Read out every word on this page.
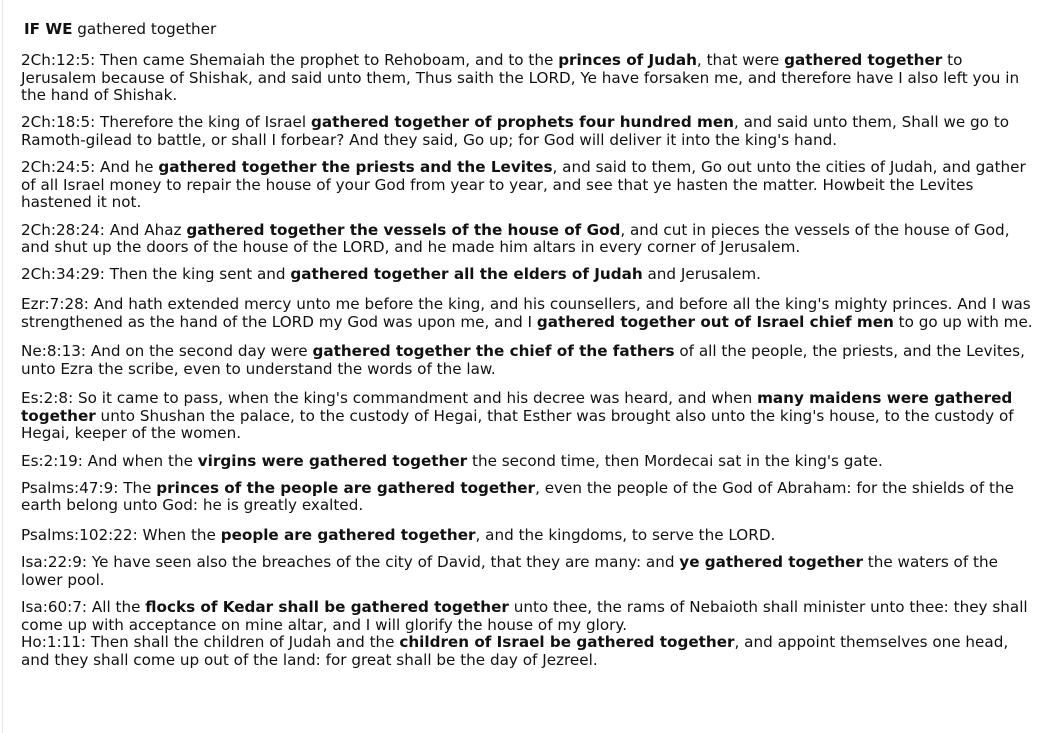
IF WE gathered together

2Ch:12:5: Then came Shemaiah the prophet to Rehoboam, and to the princes of Judah, that were gathered together to Jerusalem because of Shishak, and said unto them, Thus saith the LORD, Ye have forsaken me, and therefore have I also left you in the hand of Shishak.

2Ch:18:5: Therefore the king of Israel gathered together of prophets four hundred men, and said unto them, Shall we go to Ramoth-gilead to battle, or shall I forbear? And they said, Go up; for God will deliver it into the king's hand.

2Ch:24:5: And he gathered together the priests and the Levites, and said to them, Go out unto the cities of Judah, and gather of all Israel money to repair the house of your God from year to year, and see that ye hasten the matter. Howbeit the Levites hastened it not.

2Ch:28:24: And Ahaz gathered together the vessels of the house of God, and cut in pieces the vessels of the house of God, and shut up the doors of the house of the LORD, and he made him altars in every corner of Jerusalem.

2Ch:34:29: Then the king sent and gathered together all the elders of Judah and Jerusalem.

Ezr:7:28: And hath extended mercy unto me before the king, and his counsellers, and before all the king's mighty princes. And I was strengthened as the hand of the LORD my God was upon me, and I gathered together out of Israel chief men to go up with me.

Ne:8:13: And on the second day were gathered together the chief of the fathers of all the people, the priests, and the Levites, unto Ezra the scribe, even to understand the words of the law.

Es:2:8: So it came to pass, when the king's commandment and his decree was heard, and when many maidens were gathered together unto Shushan the palace, to the custody of Hegai, that Esther was brought also unto the king's house, to the custody of Hegai, keeper of the women.

Es:2:19: And when the virgins were gathered together the second time, then Mordecai sat in the king's gate.

Psalms:47:9: The princes of the people are gathered together, even the people of the God of Abraham: for the shields of the earth belong unto God: he is greatly exalted.

Psalms:102:22: When the people are gathered together, and the kingdoms, to serve the LORD.

Isa:22:9: Ye have seen also the breaches of the city of David, that they are many: and ye gathered together the waters of the lower pool.

Isa:60:7: All the flocks of Kedar shall be gathered together unto thee, the rams of Nebaioth shall minister unto thee: they shall come up with acceptance on mine altar, and I will glorify the house of my glory.

Ho:1:11: Then shall the children of Judah and the children of Israel be gathered together, and appoint themselves one head, and they shall come up out of the land: for great shall be the day of Jezreel.
